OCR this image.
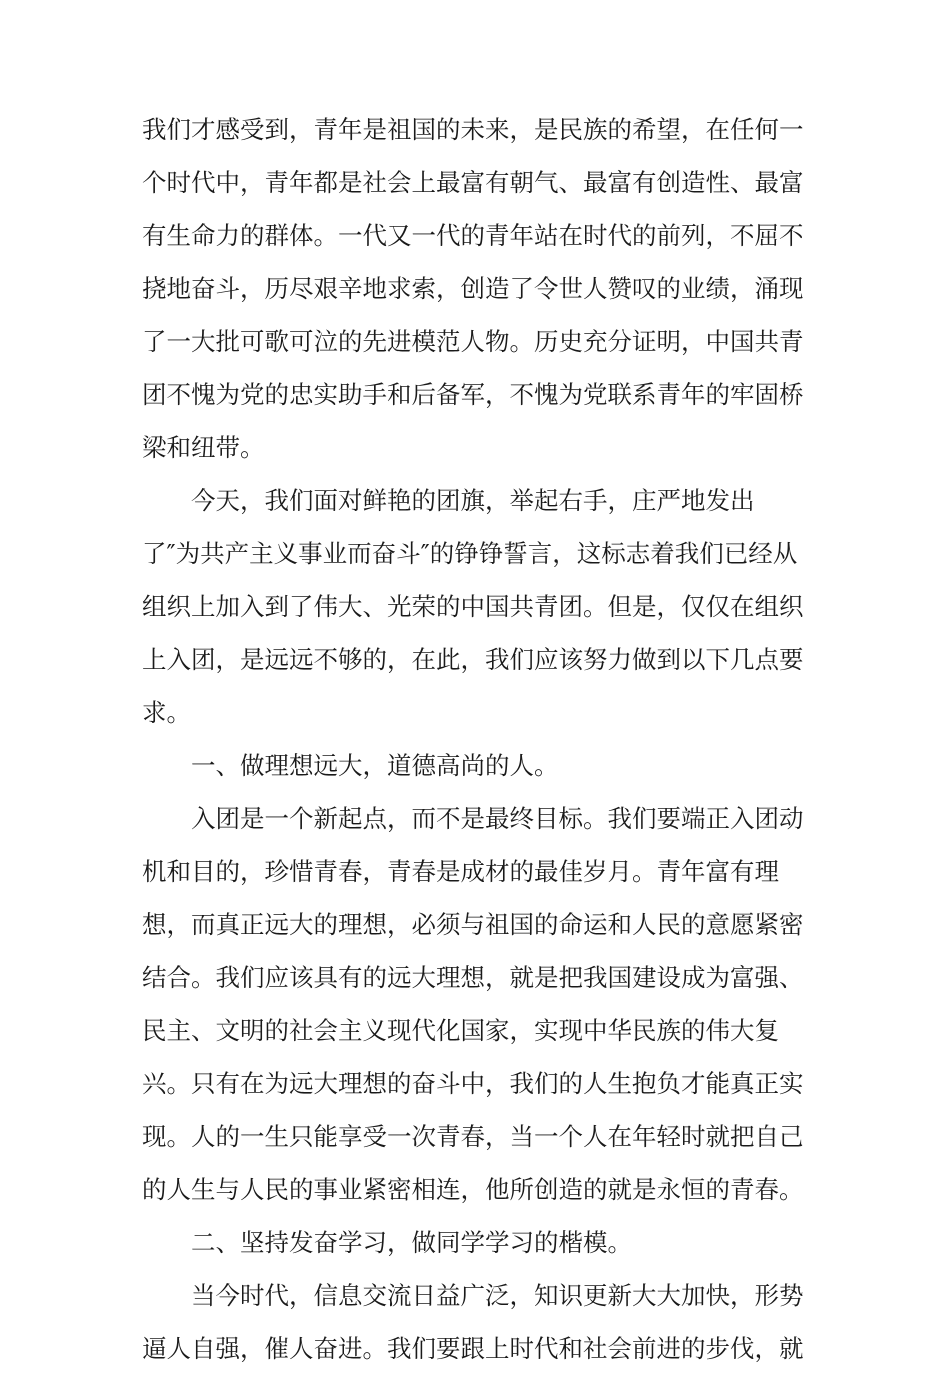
我们才感受到，青年是祖国的未来，是民族的希望，在任何一
个时代中，青年都是社会上最富有朝气、最富有创造性、最富
有生命力的群体。一代又一代的青年站在时代的前列，不屈不
挠地奋斗，历尽艰辛地求索，创造了令世人赞叹的业绩，涌现
了一大批可歌可泣的先进模范人物。历史充分证明，中国共青
团不愧为党的忠实助手和后备军，不愧为党联系青年的牢固桥
梁和纽带。
今天，我们面对鲜艳的团旗，举起右手，庄严地发出
了″为共产主义事业而奋斗″的铮铮誓言，这标志着我们已经从
组织上加入到了伟大、光荣的中国共青团。但是，仅仅在组织
上入团，是远远不够的，在此，我们应该努力做到以下几点要
求。
一、做理想远大，道德高尚的人。
入团是一个新起点，而不是最终目标。我们要端正入团动
机和目的，珍惜青春，青春是成材的最佳岁月。青年富有理
想，而真正远大的理想，必须与祖国的命运和人民的意愿紧密
结合。我们应该具有的远大理想，就是把我国建设成为富强、
民主、文明的社会主义现代化国家，实现中华民族的伟大复
兴。只有在为远大理想的奋斗中，我们的人生抱负才能真正实
现。人的一生只能享受一次青春，当一个人在年轻时就把自己
的人生与人民的事业紧密相连，他所创造的就是永恒的青春。
二、坚持发奋学习，做同学学习的楷模。
当今时代，信息交流日益广泛，知识更新大大加快，形势
逼人自强，催人奋进。我们要跟上时代和社会前进的步伐，就
